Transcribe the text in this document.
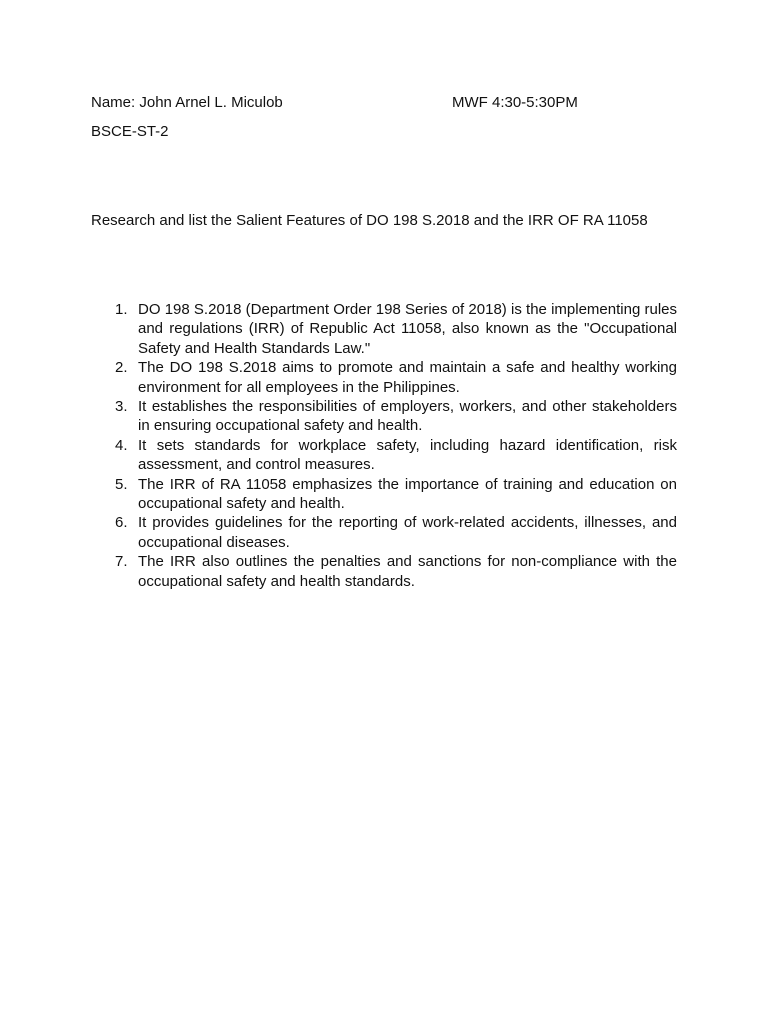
Name: John Arnel L. Miculob	MWF 4:30-5:30PM
BSCE-ST-2
Research and list the Salient Features of DO 198 S.2018 and the IRR OF RA 11058
1. DO 198 S.2018 (Department Order 198 Series of 2018) is the implementing rules and regulations (IRR) of Republic Act 11058, also known as the "Occupational Safety and Health Standards Law."
2. The DO 198 S.2018 aims to promote and maintain a safe and healthy working environment for all employees in the Philippines.
3. It establishes the responsibilities of employers, workers, and other stakeholders in ensuring occupational safety and health.
4. It sets standards for workplace safety, including hazard identification, risk assessment, and control measures.
5. The IRR of RA 11058 emphasizes the importance of training and education on occupational safety and health.
6. It provides guidelines for the reporting of work-related accidents, illnesses, and occupational diseases.
7. The IRR also outlines the penalties and sanctions for non-compliance with the occupational safety and health standards.
